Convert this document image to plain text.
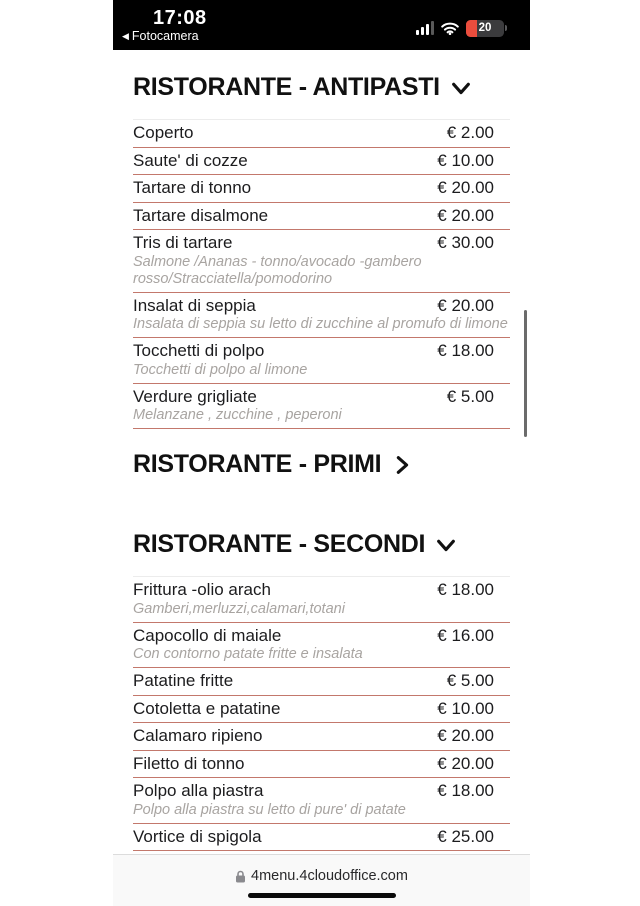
17:08
◀ Fotocamera
20
RISTORANTE - ANTIPASTI
Coperto	€ 2.00
Saute' di cozze	€ 10.00
Tartare di tonno	€ 20.00
Tartare disalmone	€ 20.00
Tris di tartare	€ 30.00
Salmone /Ananas - tonno/avocado -gambero rosso/Stracciatella/pomodorino
Insalat di seppia	€ 20.00
Insalata di seppia su letto di zucchine al promufo di limone
Tocchetti di polpo	€ 18.00
Tocchetti di polpo al limone
Verdure grigliate	€ 5.00
Melanzane , zucchine , peperoni
RISTORANTE - PRIMI
RISTORANTE - SECONDI
Frittura -olio arach	€ 18.00
Gamberi,merluzzi,calamari,totani
Capocollo di maiale	€ 16.00
Con contorno patate fritte e insalata
Patatine fritte	€ 5.00
Cotoletta e patatine	€ 10.00
Calamaro ripieno	€ 20.00
Filetto di tonno	€ 20.00
Polpo alla piastra	€ 18.00
Polpo alla piastra su letto di pure' di patate
Vortice di spigola	€ 25.00
4menu.4cloudoffice.com
